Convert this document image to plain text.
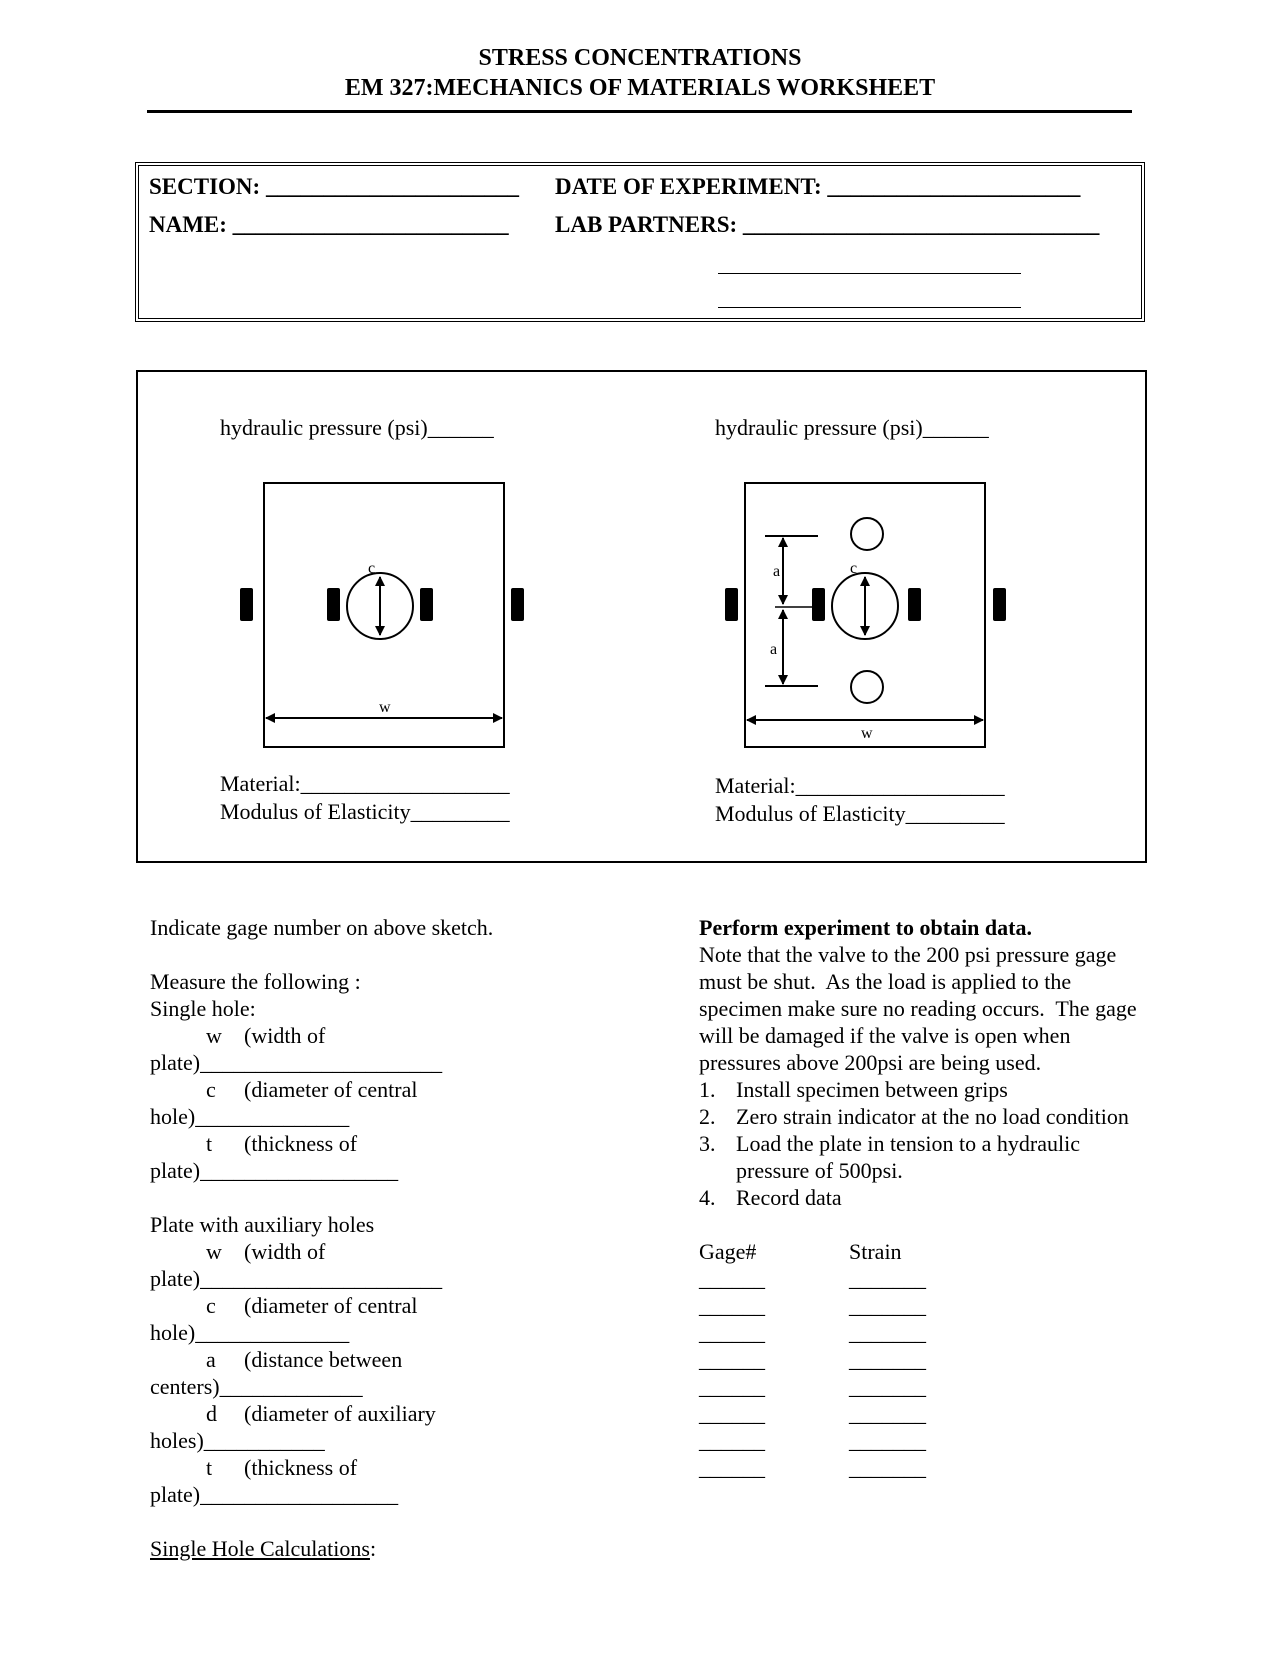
STRESS CONCENTRATIONS
EM 327:MECHANICS OF MATERIALS WORKSHEET
SECTION: ______________________ DATE OF EXPERIMENT: ______________________
NAME: ________________________ LAB PARTNERS: _______________________________
hydraulic pressure (psi)______
c
w
Material:___________________
Modulus of Elasticity_________
hydraulic pressure (psi)______
c
a
a
w
Material:___________________
Modulus of Elasticity_________
Indicate gage number on above sketch.
Measure the following :
Single hole:
w (width of
plate)______________________
c (diameter of central
hole)______________
t (thickness of
plate)__________________
Plate with auxiliary holes
w (width of
plate)______________________
c (diameter of central
hole)______________
a (distance between
centers)_____________
d (diameter of auxiliary
holes)___________
t (thickness of
plate)__________________
Single Hole Calculations:
Perform experiment to obtain data.
Note that the valve to the 200 psi pressure gage
must be shut.  As the load is applied to the
specimen make sure no reading occurs.  The gage
will be damaged if the valve is open when
pressures above 200psi are being used.
1. Install specimen between grips
2. Zero strain indicator at the no load condition
3. Load the plate in tension to a hydraulic
pressure of 500psi.
4. Record data
Gage#	Strain
______	_______
______	_______
______	_______
______	_______
______	_______
______	_______
______	_______
______	_______
